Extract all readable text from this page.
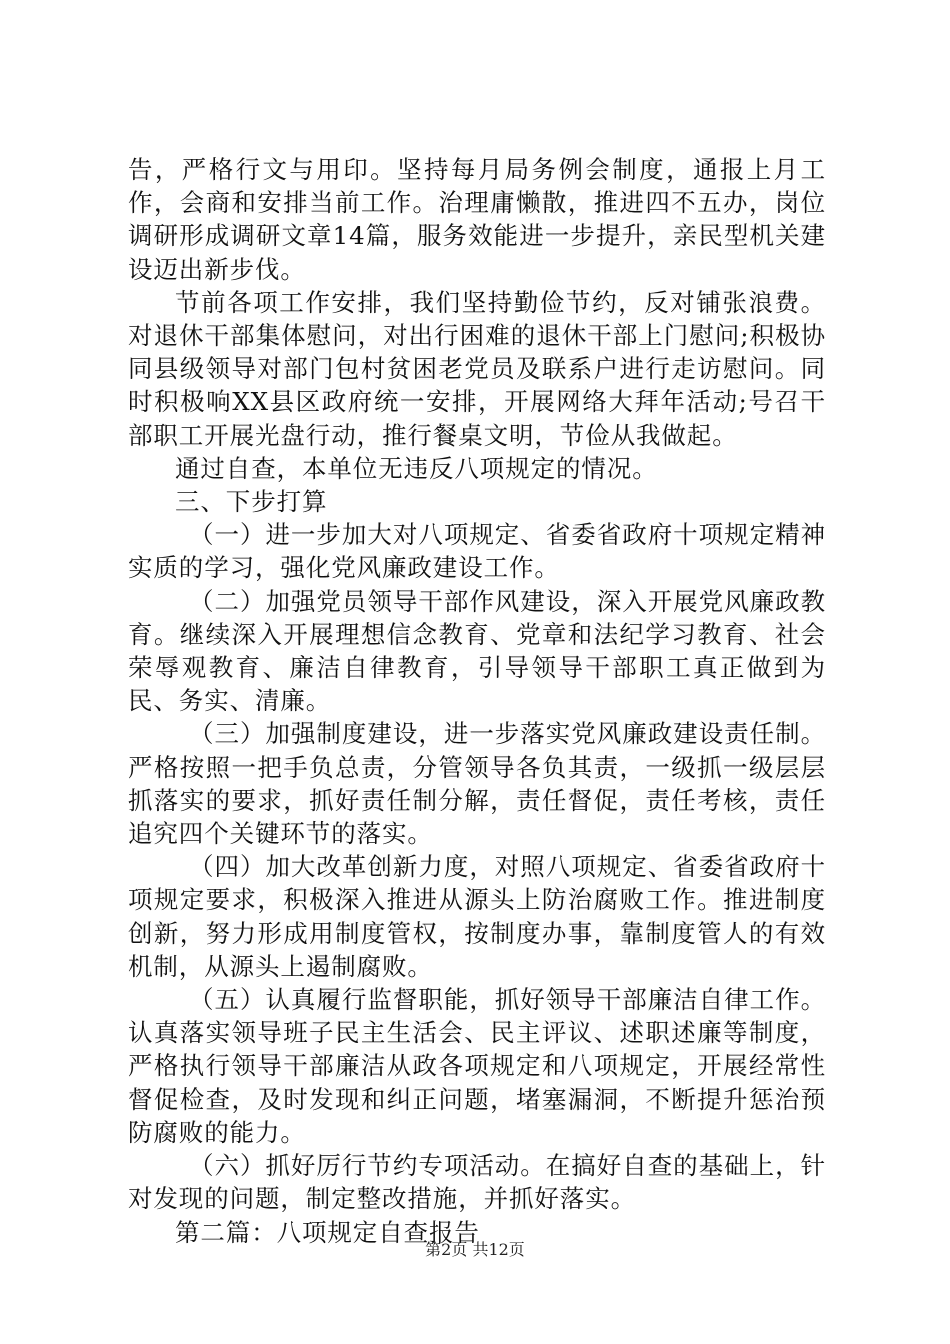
告，严格行文与用印。坚持每月局务例会制度，通报上月工作，会商和安排当前工作。治理庸懒散，推进四不五办，岗位调研形成调研文章14篇，服务效能进一步提升，亲民型机关建设迈出新步伐。

节前各项工作安排，我们坚持勤俭节约，反对铺张浪费。对退休干部集体慰问，对出行困难的退休干部上门慰问;积极协同县级领导对部门包村贫困老党员及联系户进行走访慰问。同时积极响XX县区政府统一安排，开展网络大拜年活动;号召干部职工开展光盘行动，推行餐桌文明，节俭从我做起。

通过自查，本单位无违反八项规定的情况。

三、下步打算

（一）进一步加大对八项规定、省委省政府十项规定精神实质的学习，强化党风廉政建设工作。

（二）加强党员领导干部作风建设，深入开展党风廉政教育。继续深入开展理想信念教育、党章和法纪学习教育、社会荣辱观教育、廉洁自律教育，引导领导干部职工真正做到为民、务实、清廉。

（三）加强制度建设，进一步落实党风廉政建设责任制。严格按照一把手负总责，分管领导各负其责，一级抓一级层层抓落实的要求，抓好责任制分解，责任督促，责任考核，责任追究四个关键环节的落实。

（四）加大改革创新力度，对照八项规定、省委省政府十项规定要求，积极深入推进从源头上防治腐败工作。推进制度创新，努力形成用制度管权，按制度办事，靠制度管人的有效机制，从源头上遏制腐败。

（五）认真履行监督职能，抓好领导干部廉洁自律工作。认真落实领导班子民主生活会、民主评议、述职述廉等制度，严格执行领导干部廉洁从政各项规定和八项规定，开展经常性督促检查，及时发现和纠正问题，堵塞漏洞，不断提升惩治预防腐败的能力。

（六）抓好厉行节约专项活动。在搞好自查的基础上，针对发现的问题，制定整改措施，并抓好落实。

第二篇：八项规定自查报告

第2页 共12页
